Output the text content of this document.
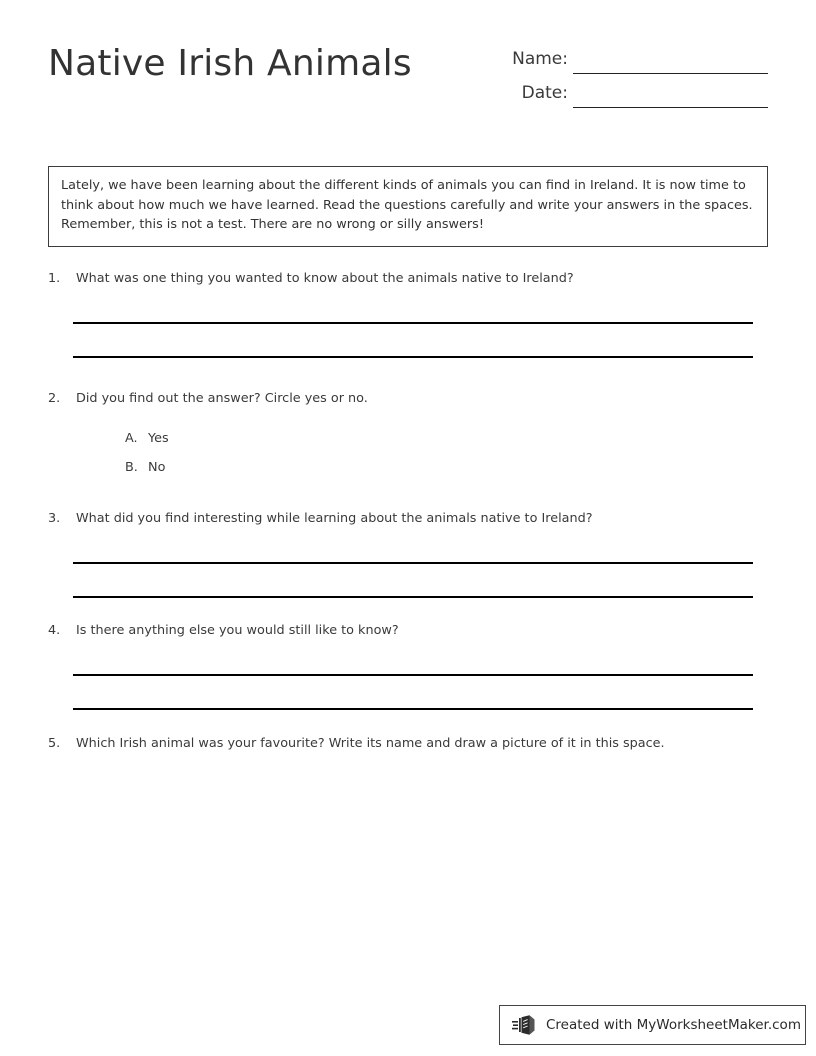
Native Irish Animals	Name:
Date:
Lately, we have been learning about the different kinds of animals you can find in Ireland. It is now time to think about how much we have learned. Read the questions carefully and write your answers in the spaces. Remember, this is not a test. There are no wrong or silly answers!
1.	What was one thing you wanted to know about the animals native to Ireland?
2.	Did you find out the answer? Circle yes or no.
A. Yes
B. No
3.	What did you find interesting while learning about the animals native to Ireland?
4.	Is there anything else you would still like to know?
5.	Which Irish animal was your favourite? Write its name and draw a picture of it in this space.
Created with MyWorksheetMaker.com
